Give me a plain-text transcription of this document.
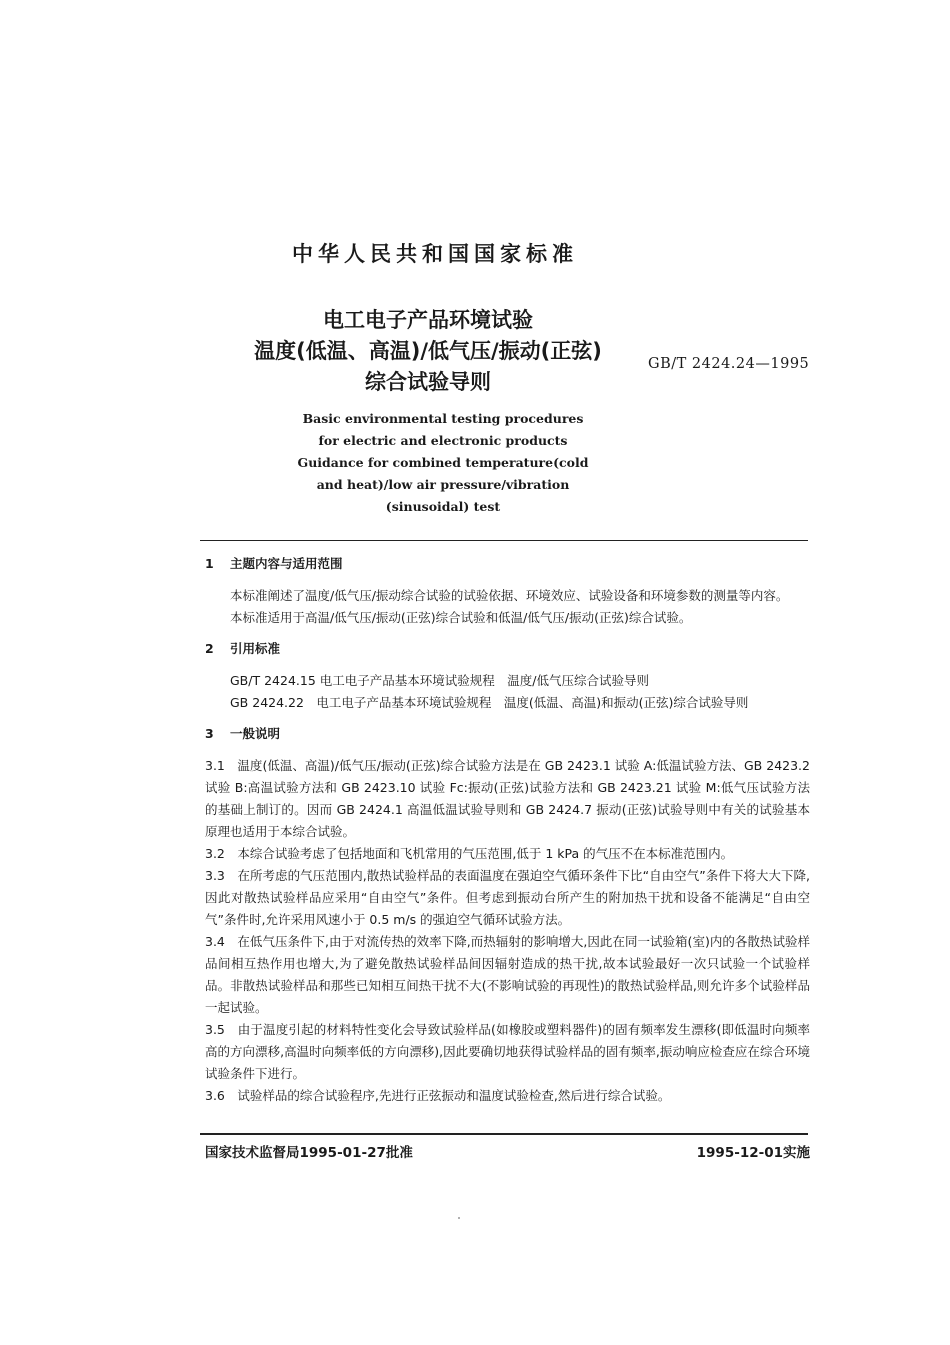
中华人民共和国国家标准
电工电子产品环境试验
温度(低温、高温)/低气压/振动(正弦)
综合试验导则
GB/T 2424.24—1995
Basic environmental testing procedures
for electric and electronic products
Guidance for combined temperature(cold
and heat)/low air pressure/vibration
(sinusoidal) test
1 主题内容与适用范围

本标准阐述了温度/低气压/振动综合试验的试验依据、环境效应、试验设备和环境参数的测量等内容。

本标准适用于高温/低气压/振动(正弦)综合试验和低温/低气压/振动(正弦)综合试验。

2 引用标准

GB/T 2424.15 电工电子产品基本环境试验规程　温度/低气压综合试验导则

GB 2424.22　电工电子产品基本环境试验规程　温度(低温、高温)和振动(正弦)综合试验导则

3 一般说明

3.1　温度(低温、高温)/低气压/振动(正弦)综合试验方法是在 GB 2423.1 试验 A:低温试验方法、GB 2423.2试验 B:高温试验方法和 GB 2423.10 试验 Fc:振动(正弦)试验方法和 GB 2423.21 试验 M:低气压试验方法的基础上制订的。因而 GB 2424.1 高温低温试验导则和 GB 2424.7 振动(正弦)试验导则中有关的试验基本原理也适用于本综合试验。

3.2　本综合试验考虑了包括地面和飞机常用的气压范围,低于 1 kPa 的气压不在本标准范围内。

3.3　在所考虑的气压范围内,散热试验样品的表面温度在强迫空气循环条件下比“自由空气”条件下将大大下降,因此对散热试验样品应采用“自由空气”条件。但考虑到振动台所产生的附加热干扰和设备不能满足“自由空气”条件时,允许采用风速小于 0.5 m/s 的强迫空气循环试验方法。

3.4　在低气压条件下,由于对流传热的效率下降,而热辐射的影响增大,因此在同一试验箱(室)内的各散热试验样品间相互热作用也增大,为了避免散热试验样品间因辐射造成的热干扰,故本试验最好一次只试验一个试验样品。非散热试验样品和那些已知相互间热干扰不大(不影响试验的再现性)的散热试验样品,则允许多个试验样品一起试验。

3.5　由于温度引起的材料特性变化会导致试验样品(如橡胶或塑料器件)的固有频率发生漂移(即低温时向频率高的方向漂移,高温时向频率低的方向漂移),因此要确切地获得试验样品的固有频率,振动响应检查应在综合环境试验条件下进行。

3.6　试验样品的综合试验程序,先进行正弦振动和温度试验检查,然后进行综合试验。

国家技术监督局1995-01-27批准	1995-12-01实施
